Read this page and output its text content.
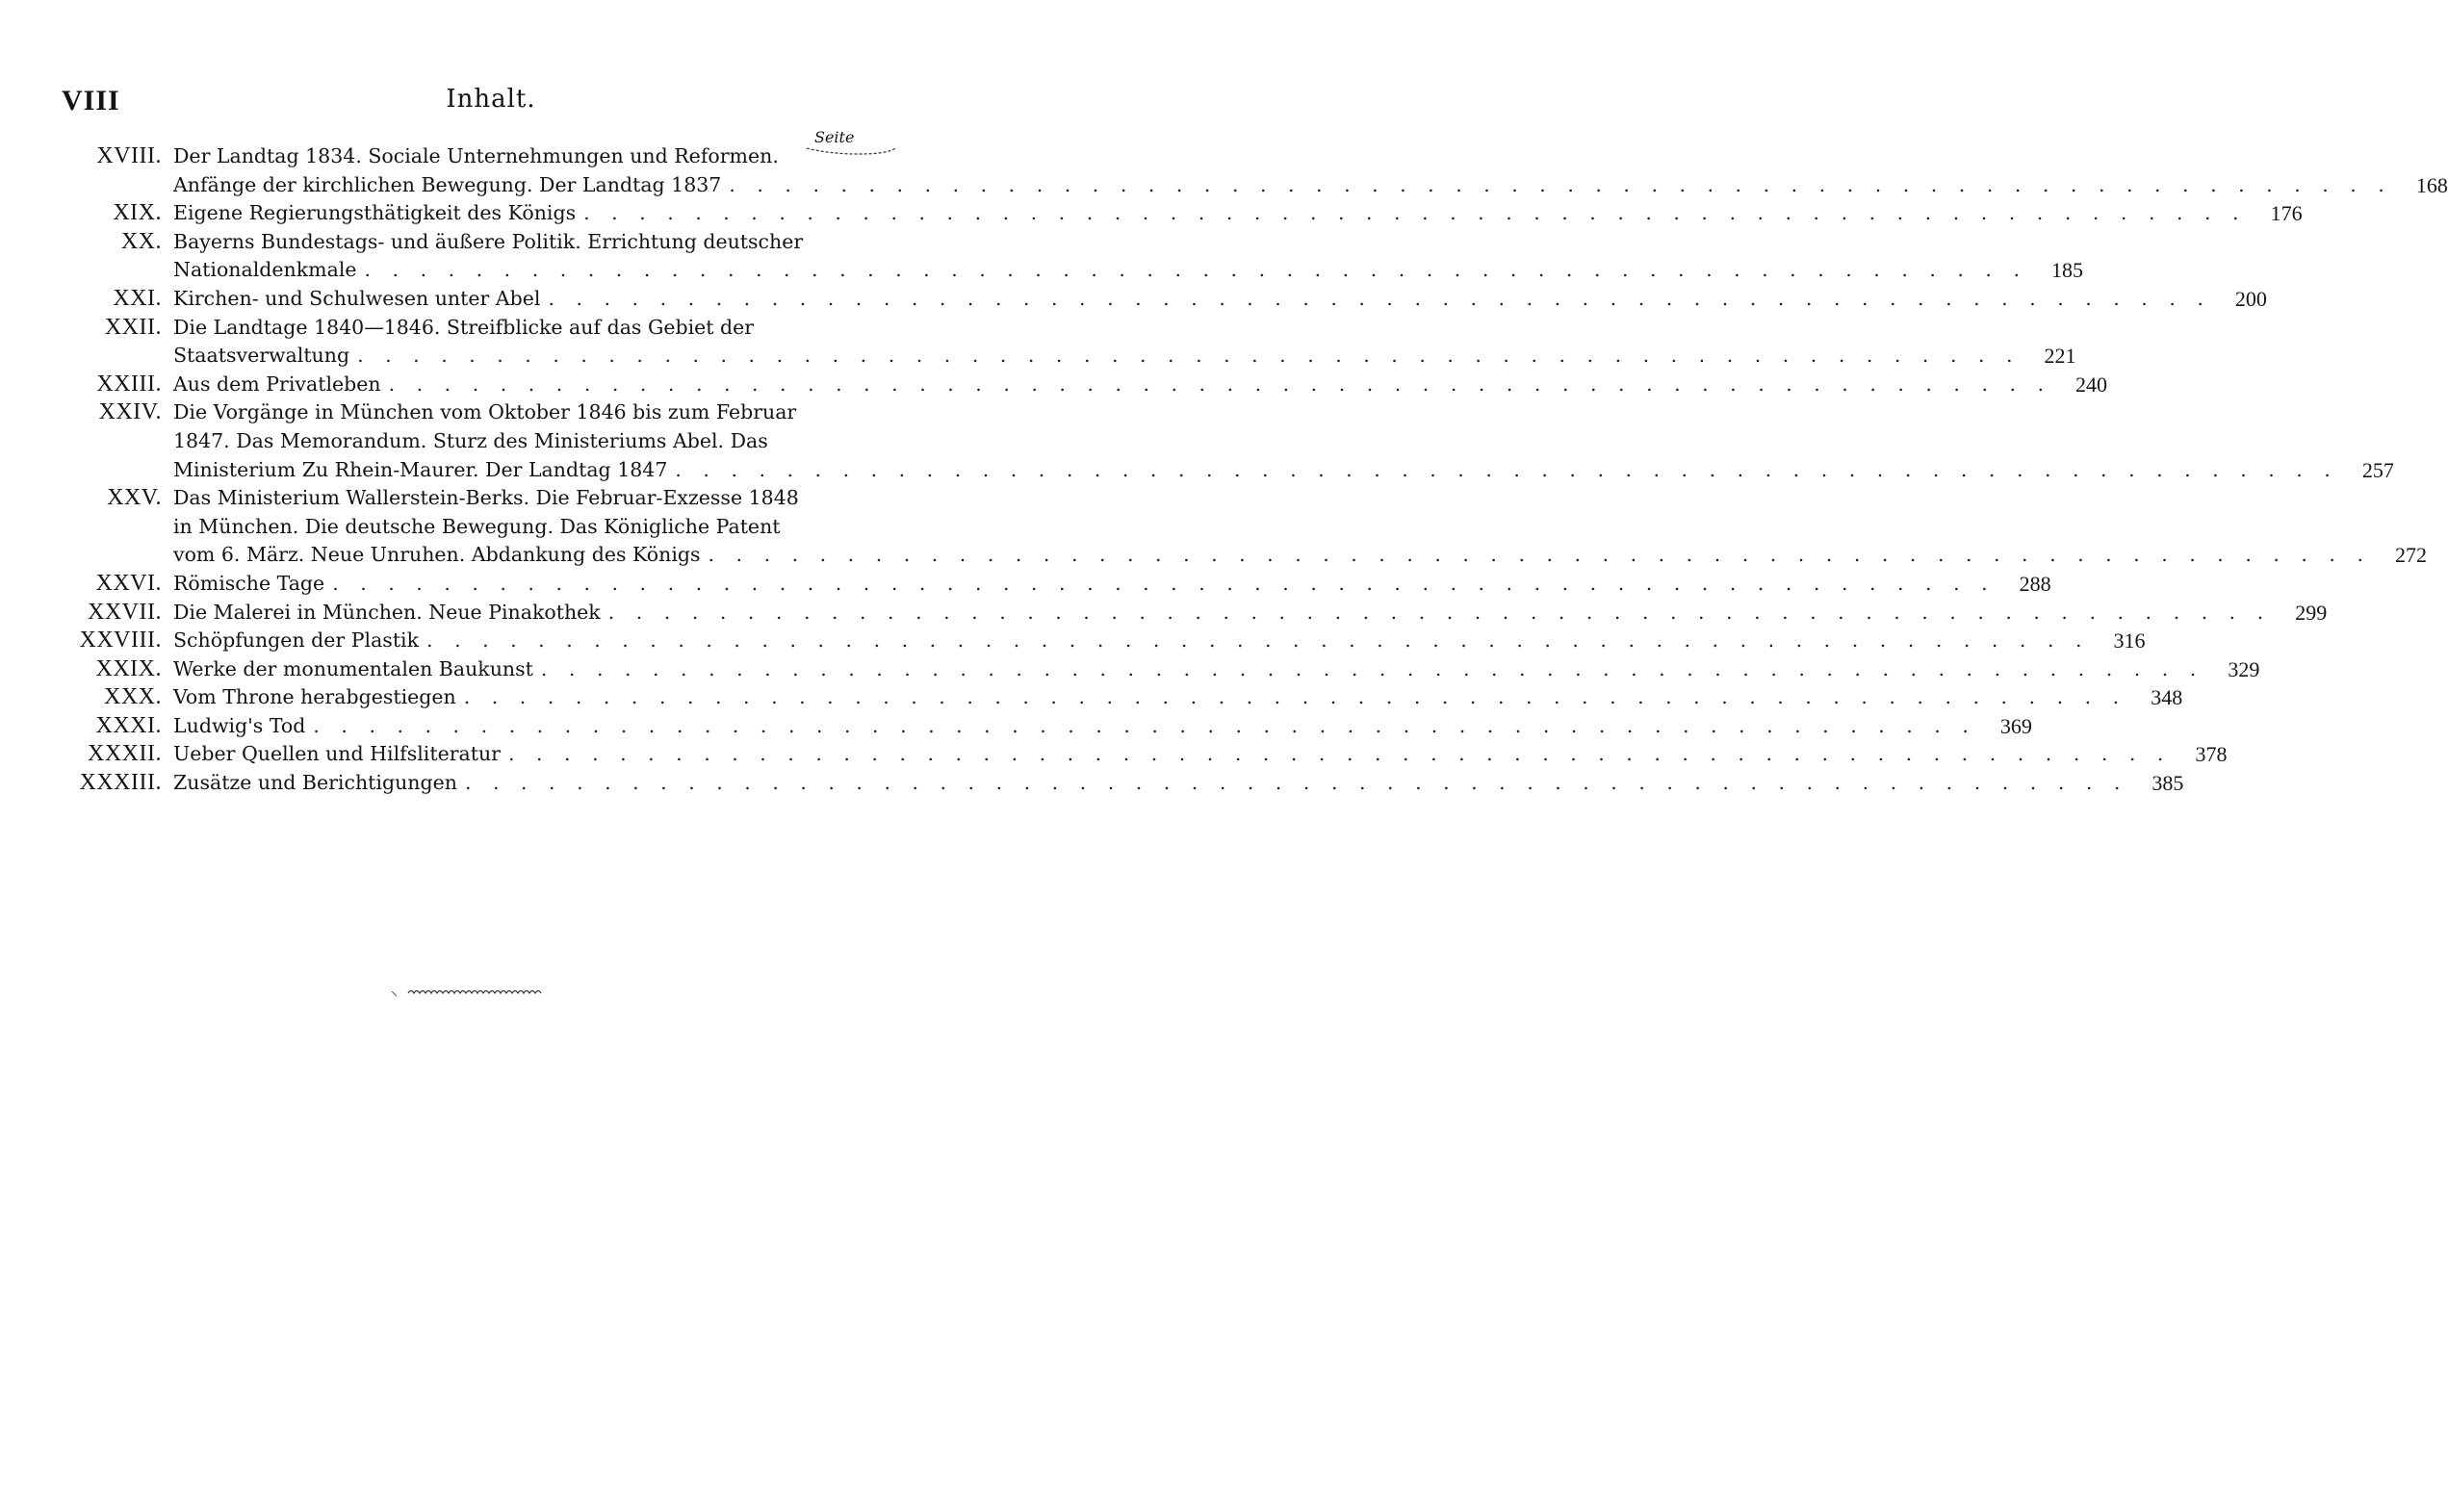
VIII	Inhalt.
Seite
XVIII. Der Landtag 1834. Sociale Unternehmungen und Reformen.
Anfänge der kirchlichen Bewegung. Der Landtag 1837 . . . . . . . . . . . . . . . . . . . . . . . . . . . . . . . . . . . . . . . . . . . . . . . . . . . . . . . . . . . .	168
XIX. Eigene Regierungsthätigkeit des Königs . . . . . . . . . . . . . . . . . . . . . . . . . . . . . . . . . . . . . . . . . . . . . . . . . . . . . . . . . . . .	176
XX. Bayerns Bundestags- und äußere Politik. Errichtung deutscher
Nationaldenkmale . . . . . . . . . . . . . . . . . . . . . . . . . . . . . . . . . . . . . . . . . . . . . . . . . . . . . . . . . . . .	185
XXI. Kirchen- und Schulwesen unter Abel . . . . . . . . . . . . . . . . . . . . . . . . . . . . . . . . . . . . . . . . . . . . . . . . . . . . . . . . . . . .	200
XXII. Die Landtage 1840—1846. Streifblicke auf das Gebiet der
Staatsverwaltung . . . . . . . . . . . . . . . . . . . . . . . . . . . . . . . . . . . . . . . . . . . . . . . . . . . . . . . . . . . .	221
XXIII. Aus dem Privatleben . . . . . . . . . . . . . . . . . . . . . . . . . . . . . . . . . . . . . . . . . . . . . . . . . . . . . . . . . . . .	240
XXIV. Die Vorgänge in München vom Oktober 1846 bis zum Februar
1847. Das Memorandum. Sturz des Ministeriums Abel. Das
Ministerium Zu Rhein-Maurer. Der Landtag 1847 . . . . . . . . . . . . . . . . . . . . . . . . . . . . . . . . . . . . . . . . . . . . . . . . . . . . . . . . . . . .	257
XXV. Das Ministerium Wallerstein-Berks. Die Februar-Exzesse 1848
in München. Die deutsche Bewegung. Das Königliche Patent
vom 6. März. Neue Unruhen. Abdankung des Königs . . . . . . . . . . . . . . . . . . . . . . . . . . . . . . . . . . . . . . . . . . . . . . . . . . . . . . . . . . . .	272
XXVI. Römische Tage . . . . . . . . . . . . . . . . . . . . . . . . . . . . . . . . . . . . . . . . . . . . . . . . . . . . . . . . . . . .	288
XXVII. Die Malerei in München. Neue Pinakothek . . . . . . . . . . . . . . . . . . . . . . . . . . . . . . . . . . . . . . . . . . . . . . . . . . . . . . . . . . . .	299
XXVIII. Schöpfungen der Plastik . . . . . . . . . . . . . . . . . . . . . . . . . . . . . . . . . . . . . . . . . . . . . . . . . . . . . . . . . . . .	316
XXIX. Werke der monumentalen Baukunst . . . . . . . . . . . . . . . . . . . . . . . . . . . . . . . . . . . . . . . . . . . . . . . . . . . . . . . . . . . .	329
XXX. Vom Throne herabgestiegen . . . . . . . . . . . . . . . . . . . . . . . . . . . . . . . . . . . . . . . . . . . . . . . . . . . . . . . . . . . .	348
XXXI. Ludwig's Tod . . . . . . . . . . . . . . . . . . . . . . . . . . . . . . . . . . . . . . . . . . . . . . . . . . . . . . . . . . . .	369
XXXII. Ueber Quellen und Hilfsliteratur . . . . . . . . . . . . . . . . . . . . . . . . . . . . . . . . . . . . . . . . . . . . . . . . . . . . . . . . . . . .	378
XXXIII. Zusätze und Berichtigungen . . . . . . . . . . . . . . . . . . . . . . . . . . . . . . . . . . . . . . . . . . . . . . . . . . . . . . . . . . . .	385
⸜
